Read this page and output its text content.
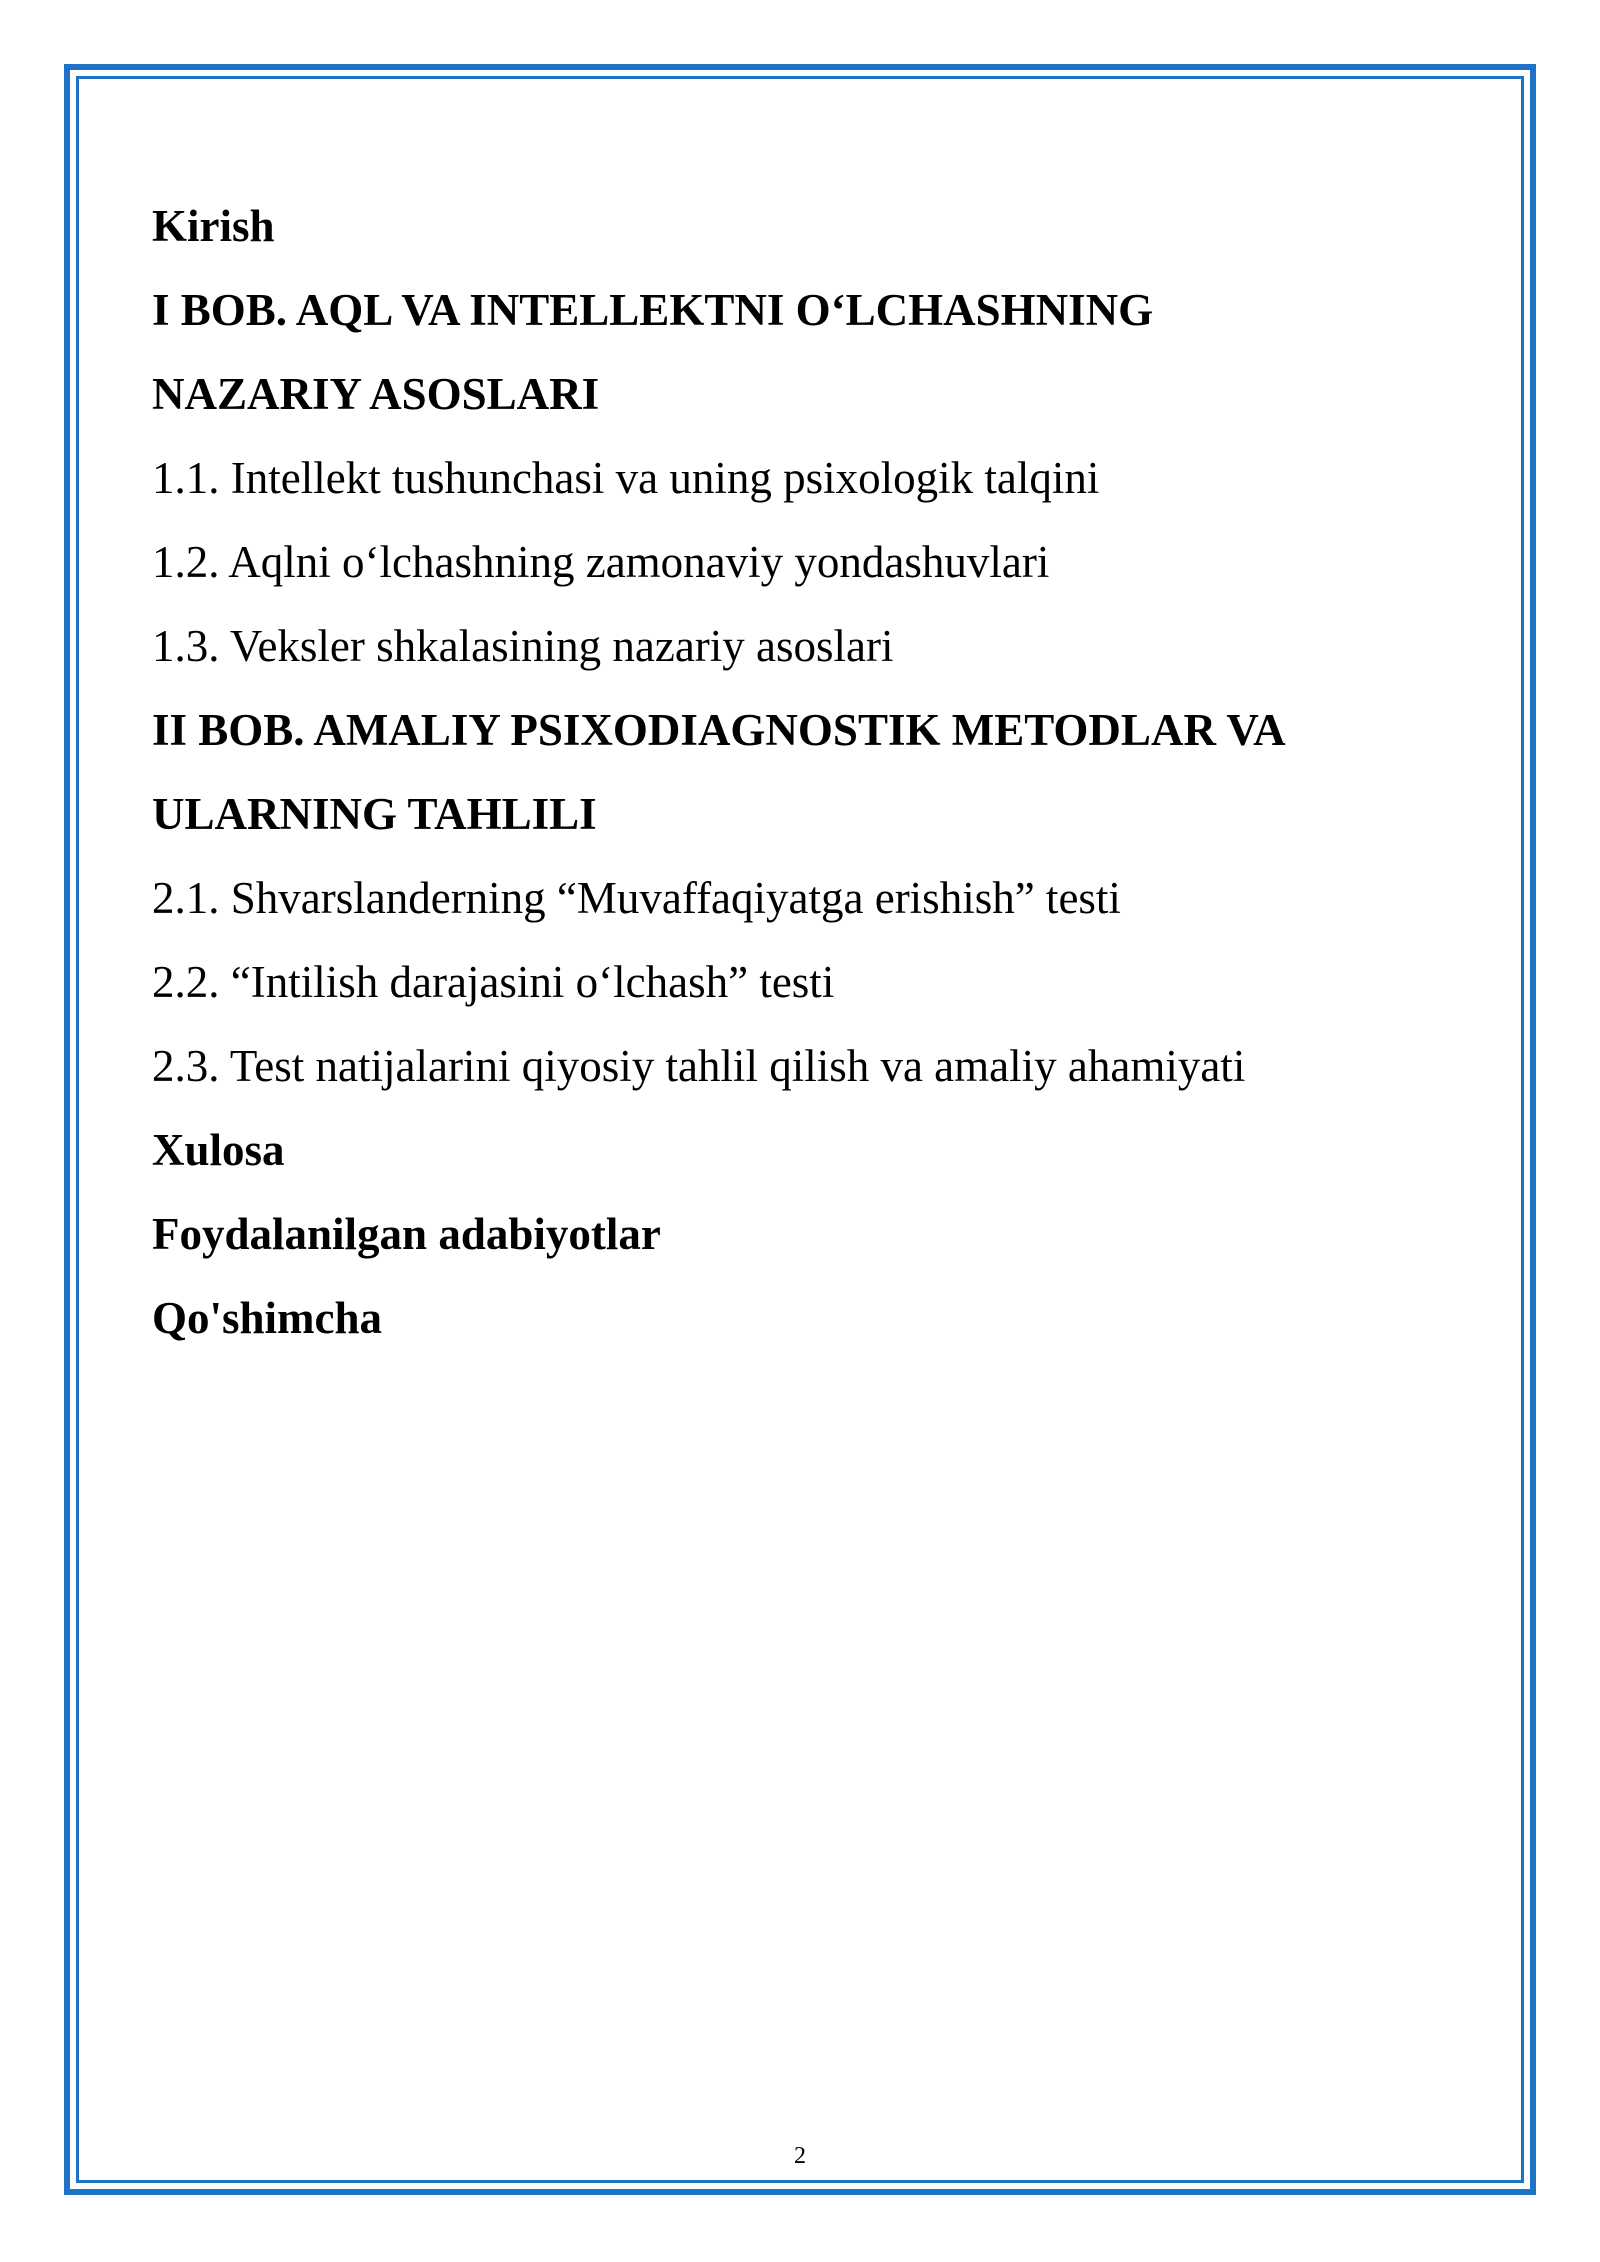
Kirish

I BOB. AQL VA INTELLEKTNI O‘LCHASHNING

NAZARIY ASOSLARI

1.1. Intellekt tushunchasi va uning psixologik talqini

1.2. Aqlni o‘lchashning zamonaviy yondashuvlari

1.3. Veksler shkalasining nazariy asoslari

II BOB. AMALIY PSIXODIAGNOSTIK METODLAR VA

ULARNING TAHLILI

2.1. Shvarslanderning “Muvaffaqiyatga erishish” testi

2.2. “Intilish darajasini o‘lchash” testi

2.3. Test natijalarini qiyosiy tahlil qilish va amaliy ahamiyati

Xulosa

Foydalanilgan adabiyotlar

Qo'shimcha

2
